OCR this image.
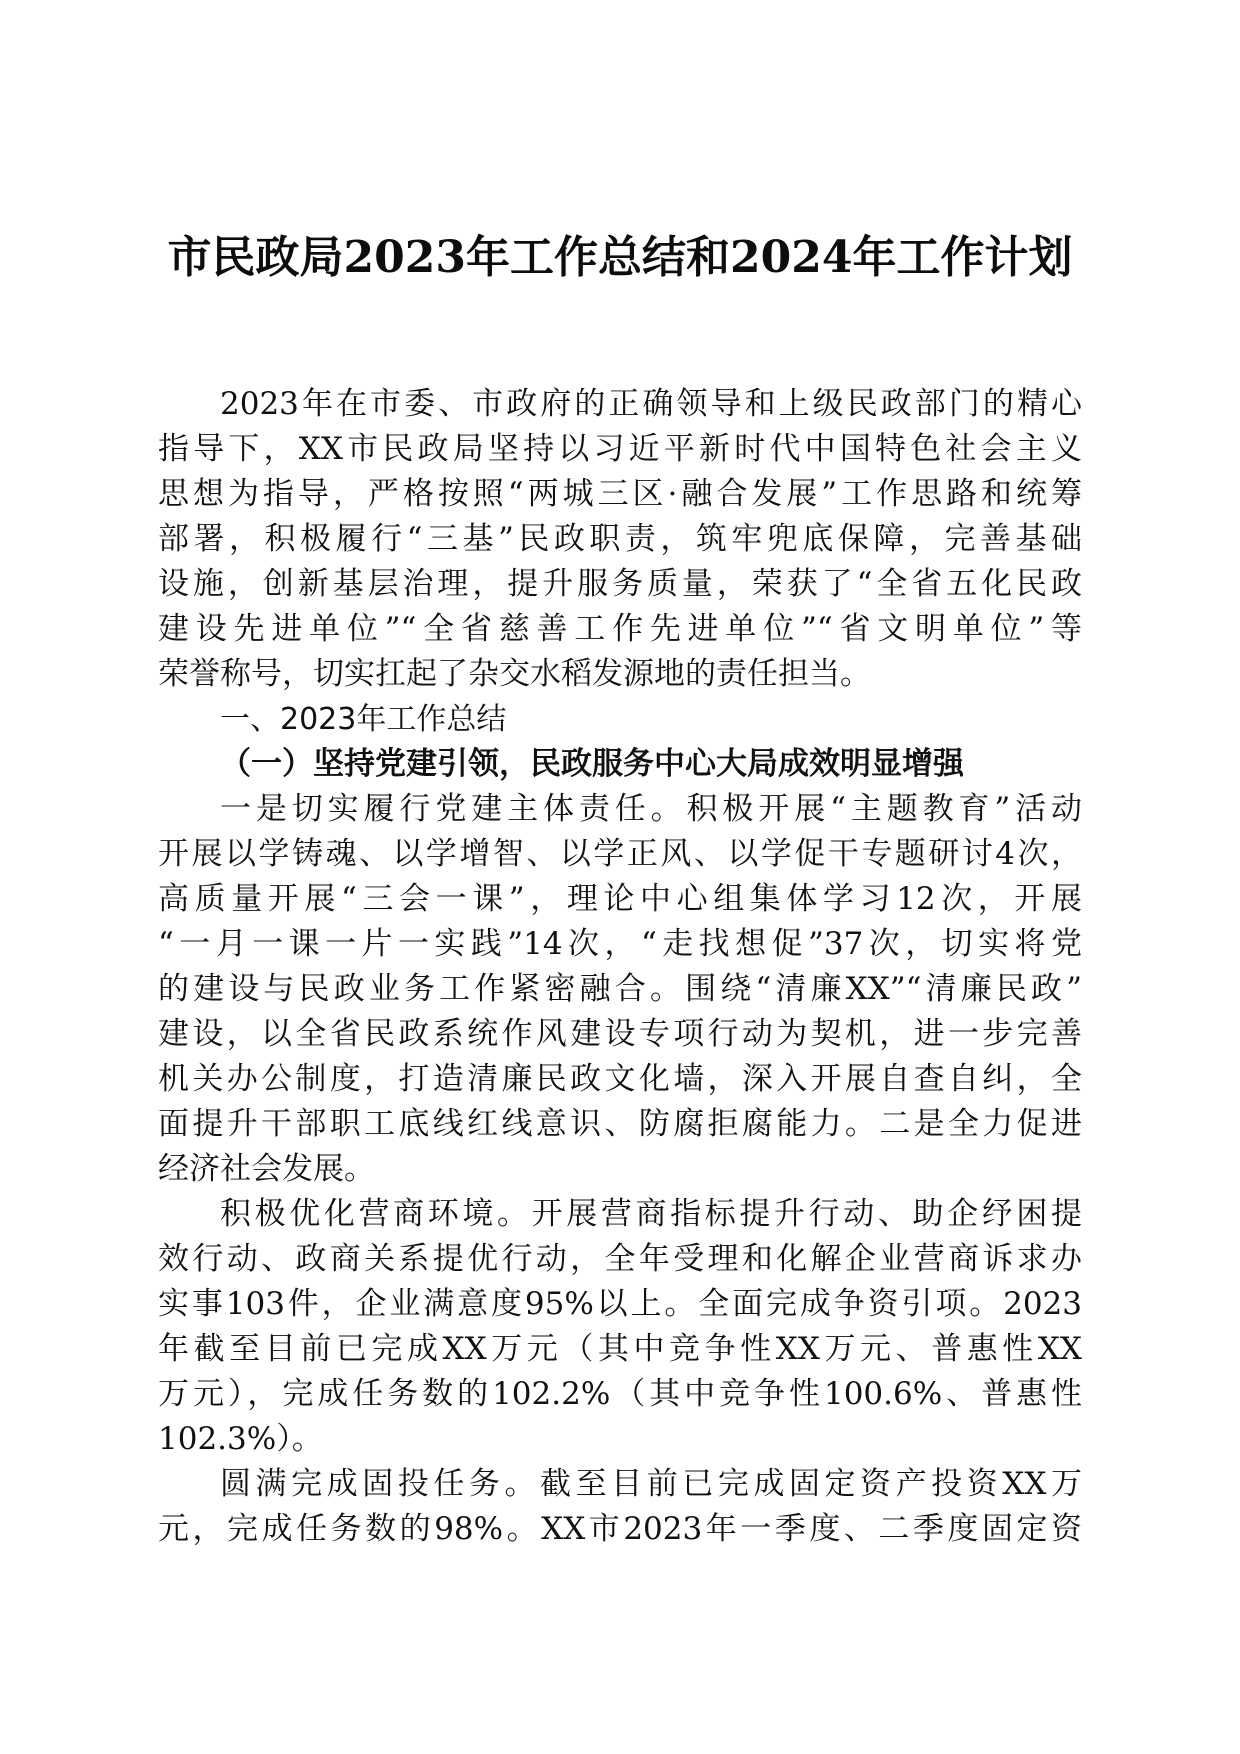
市民政局2023年工作总结和2024年工作计划
2023年在市委、市政府的正确领导和上级民政部门的精心
指导下，XX市民政局坚持以习近平新时代中国特色社会主义
思想为指导，严格按照“两城三区·融合发展”工作思路和统筹
部署，积极履行“三基”民政职责，筑牢兜底保障，完善基础
设施，创新基层治理，提升服务质量，荣获了“全省五化民政
建设先进单位”“全省慈善工作先进单位”“省文明单位”等
荣誉称号，切实扛起了杂交水稻发源地的责任担当。
一、2023年工作总结
（一）坚持党建引领，民政服务中心大局成效明显增强
一是切实履行党建主体责任。积极开展“主题教育”活动
开展以学铸魂、以学增智、以学正风、以学促干专题研讨4次，
高质量开展“三会一课”，理论中心组集体学习12次，开展
“一月一课一片一实践”14次，“走找想促”37次，切实将党
的建设与民政业务工作紧密融合。围绕“清廉XX”“清廉民政”
建设，以全省民政系统作风建设专项行动为契机，进一步完善
机关办公制度，打造清廉民政文化墙，深入开展自查自纠，全
面提升干部职工底线红线意识、防腐拒腐能力。二是全力促进
经济社会发展。
积极优化营商环境。开展营商指标提升行动、助企纾困提
效行动、政商关系提优行动，全年受理和化解企业营商诉求办
实事103件，企业满意度95%以上。全面完成争资引项。2023
年截至目前已完成XX万元（其中竞争性XX万元、普惠性XX
万元），完成任务数的102.2%（其中竞争性100.6%、普惠性
102.3%）。
圆满完成固投任务。截至目前已完成固定资产投资XX万
元，完成任务数的98%。XX市2023年一季度、二季度固定资
